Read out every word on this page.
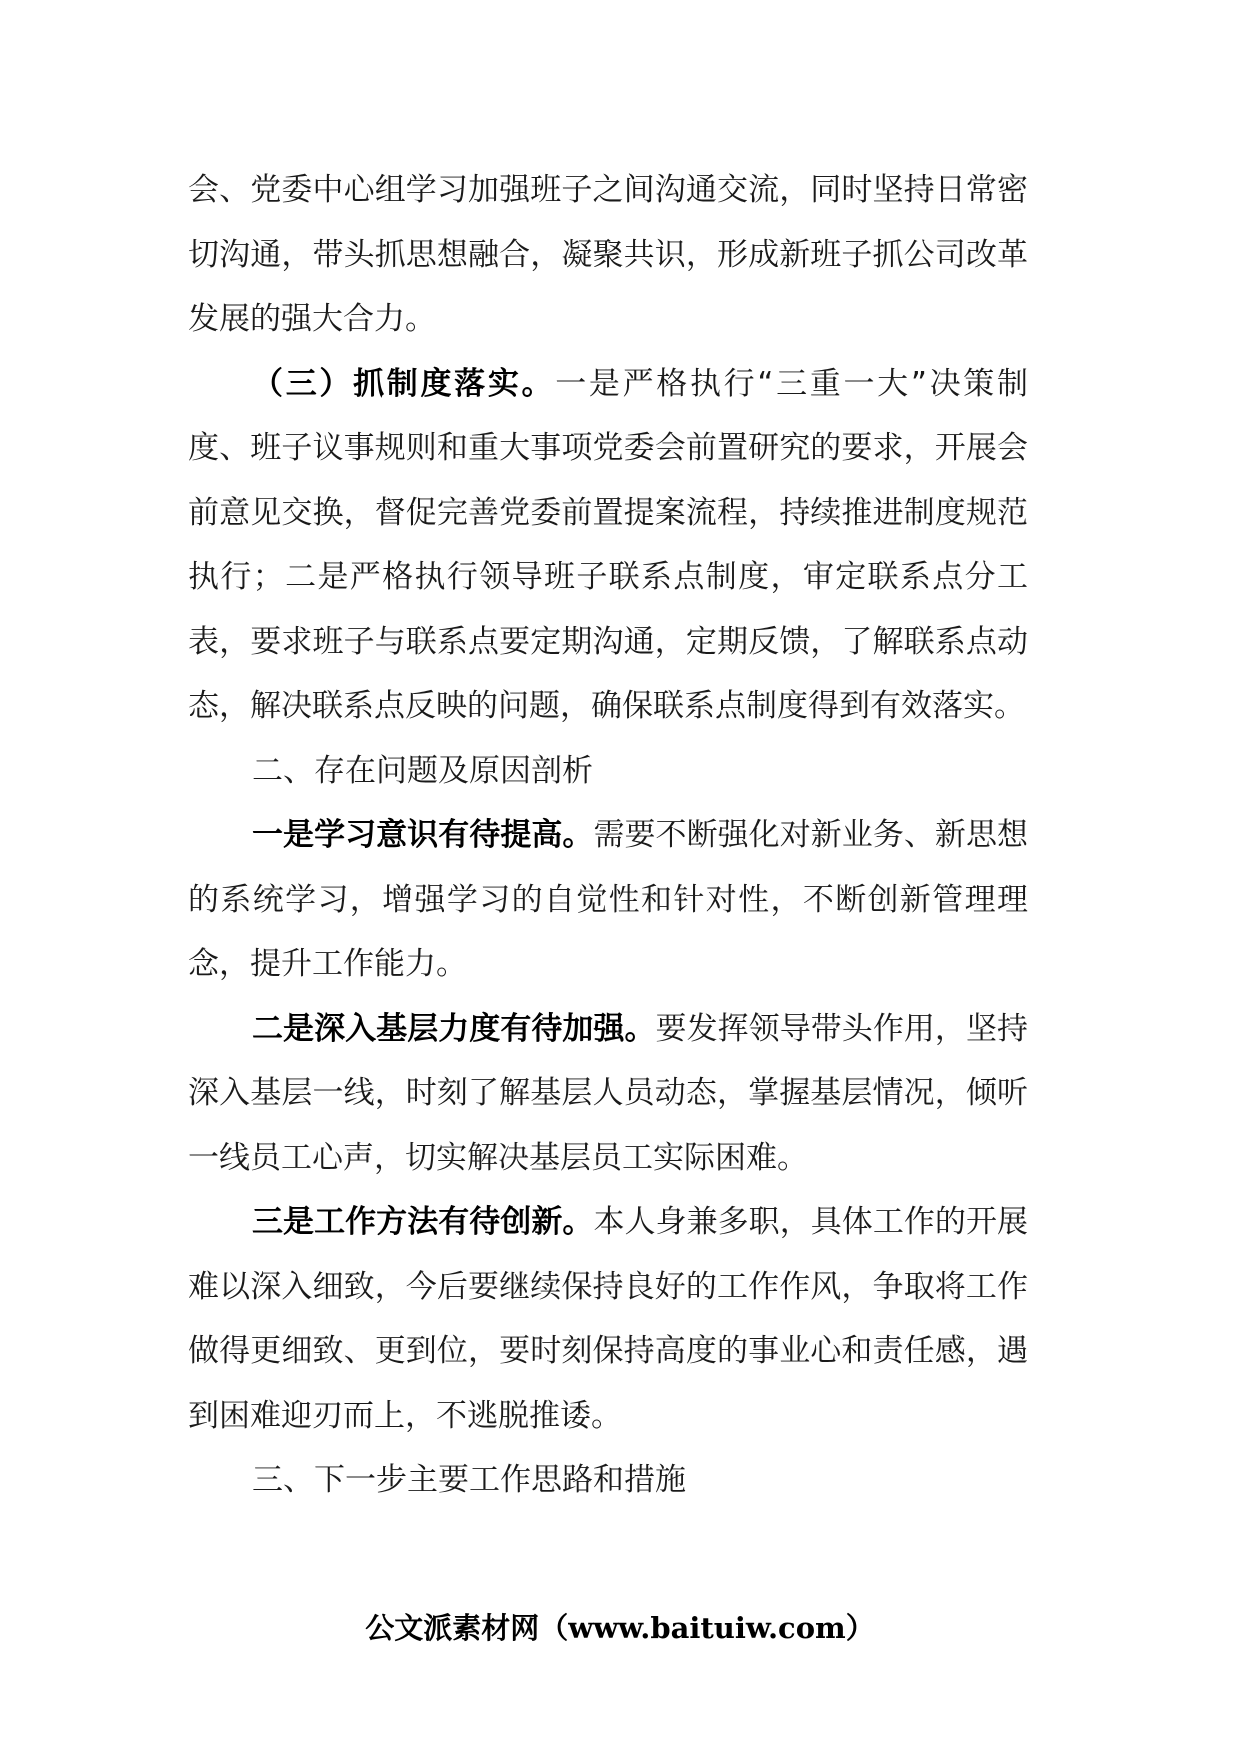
会、党委中心组学习加强班子之间沟通交流，同时坚持日常密切沟通，带头抓思想融合，凝聚共识，形成新班子抓公司改革发展的强大合力。

（三）抓制度落实。一是严格执行“三重一大”决策制度、班子议事规则和重大事项党委会前置研究的要求，开展会前意见交换，督促完善党委前置提案流程，持续推进制度规范执行；二是严格执行领导班子联系点制度，审定联系点分工表，要求班子与联系点要定期沟通，定期反馈，了解联系点动态，解决联系点反映的问题，确保联系点制度得到有效落实。

二、存在问题及原因剖析

一是学习意识有待提高。需要不断强化对新业务、新思想的系统学习，增强学习的自觉性和针对性，不断创新管理理念，提升工作能力。

二是深入基层力度有待加强。要发挥领导带头作用，坚持深入基层一线，时刻了解基层人员动态，掌握基层情况，倾听一线员工心声，切实解决基层员工实际困难。

三是工作方法有待创新。本人身兼多职，具体工作的开展难以深入细致，今后要继续保持良好的工作作风，争取将工作做得更细致、更到位，要时刻保持高度的事业心和责任感，遇到困难迎刃而上，不逃脱推诿。

三、下一步主要工作思路和措施

公文派素材网（www.baituiw.com）
